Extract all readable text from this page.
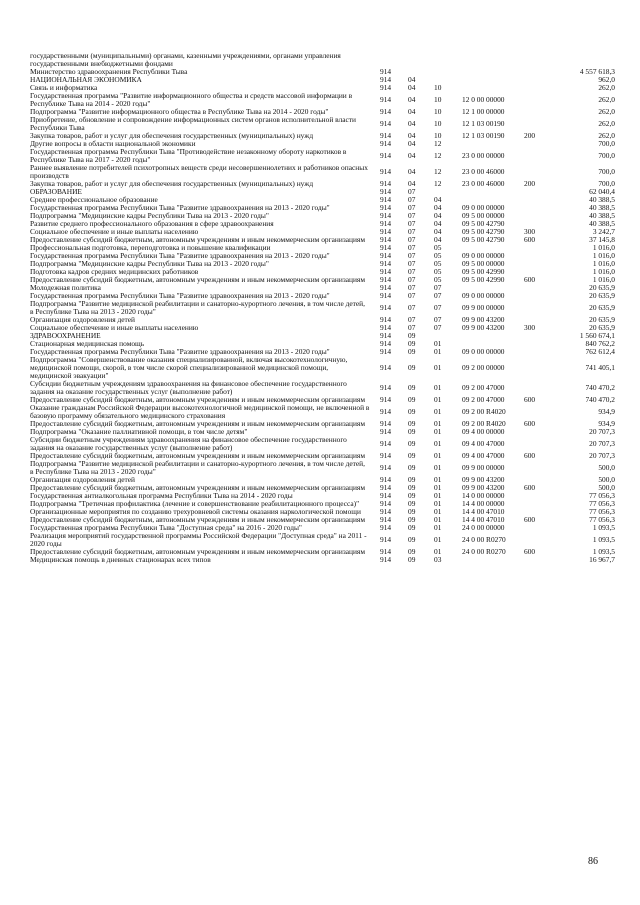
государственными (муниципальными) органами, казенными учреждениями, органами управления государственными внебюджетными фондами						
Министерство здравоохранения Республики Тыва	914					4 557 618,3
НАЦИОНАЛЬНАЯ ЭКОНОМИКА	914	04				962,0
Связь и информатика	914	04	10			262,0
Государственная программа "Развитие информационного общества и средств массовой информации в Республике Тыва на 2014 - 2020 годы"	914	04	10	12 0 00 00000		262,0
Подпрограмма "Развитие информационного общества в Республике Тыва на 2014 - 2020 годы"	914	04	10	12 1 00 00000		262,0
Приобретение, обновление и сопровождение информационных систем органов исполнительной власти Республики Тыва	914	04	10	12 1 03 00190		262,0
Закупка товаров, работ и услуг для обеспечения государственных (муниципальных) нужд	914	04	10	12 1 03 00190	200	262,0
Другие вопросы в области национальной экономики	914	04	12			700,0
Государственная программа Республики Тыва "Противодействие незаконному обороту наркотиков в Республике Тыва на 2017 - 2020 годы"	914	04	12	23 0 00 00000		700,0
Раннее выявление потребителей психотропных веществ среди несовершеннолетних и работников опасных производств	914	04	12	23 0 00 46000		700,0
Закупка товаров, работ и услуг для обеспечения государственных (муниципальных) нужд	914	04	12	23 0 00 46000	200	700,0
ОБРАЗОВАНИЕ	914	07				62 040,4
Среднее профессиональное образование	914	07	04			40 388,5
Государственная программа Республики Тыва "Развитие здравоохранения на 2013 - 2020 годы"	914	07	04	09 0 00 00000		40 388,5
Подпрограмма "Медицинские кадры Республики Тыва на 2013 - 2020 годы"	914	07	04	09 5 00 00000		40 388,5
Развитие среднего профессионального образования в сфере здравоохранения	914	07	04	09 5 00 42790		40 388,5
Социальное обеспечение и иные выплаты населению	914	07	04	09 5 00 42790	300	3 242,7
Предоставление субсидий бюджетным, автономным учреждениям и иным некоммерческим организациям	914	07	04	09 5 00 42790	600	37 145,8
Профессиональная подготовка, переподготовка и повышение квалификации	914	07	05			1 016,0
Государственная программа Республики Тыва "Развитие здравоохранения на 2013 - 2020 годы"	914	07	05	09 0 00 00000		1 016,0
Подпрограмма "Медицинские кадры Республики Тыва на 2013 - 2020 годы"	914	07	05	09 5 00 00000		1 016,0
Подготовка кадров средних медицинских работников	914	07	05	09 5 00 42990		1 016,0
Предоставление субсидий бюджетным, автономным учреждениям и иным некоммерческим организациям	914	07	05	09 5 00 42990	600	1 016,0
Молодежная политика	914	07	07			20 635,9
Государственная программа Республики Тыва "Развитие здравоохранения на 2013 - 2020 годы"	914	07	07	09 0 00 00000		20 635,9
Подпрограмма "Развитие медицинской реабилитации и санаторно-курортного лечения, в том числе детей, в Республике Тыва на 2013 - 2020 годы"	914	07	07	09 9 00 00000		20 635,9
Организация оздоровления детей	914	07	07	09 9 00 43200		20 635,9
Социальное обеспечение и иные выплаты населению	914	07	07	09 9 00 43200	300	20 635,9
ЗДРАВООХРАНЕНИЕ	914	09				1 560 674,1
Стационарная медицинская помощь	914	09	01			840 762,2
Государственная программа Республики Тыва "Развитие здравоохранения на 2013 - 2020 годы"	914	09	01	09 0 00 00000		762 612,4
Подпрограмма "Совершенствование оказания специализированной, включая высокотехнологичную, медицинской помощи, скорой, в том числе скорой специализированной медицинской помощи, медицинской эвакуации"	914	09	01	09 2 00 00000		741 405,1
Субсидии бюджетным учреждениям здравоохранения на финансовое обеспечение государственного задания на оказание государственных услуг (выполнение работ)	914	09	01	09 2 00 47000		740 470,2
Предоставление субсидий бюджетным, автономным учреждениям и иным некоммерческим организациям	914	09	01	09 2 00 47000	600	740 470,2
Оказание гражданам Российской Федерации высокотехнологичной медицинской помощи, не включенной в базовую программу обязательного медицинского страхования	914	09	01	09 2 00 R4020		934,9
Предоставление субсидий бюджетным, автономным учреждениям и иным некоммерческим организациям	914	09	01	09 2 00 R4020	600	934,9
Подпрограмма "Оказание паллиативной помощи, в том числе детям"	914	09	01	09 4 00 00000		20 707,3
Субсидии бюджетным учреждениям здравоохранения на финансовое обеспечение государственного задания на оказание государственных услуг (выполнение работ)	914	09	01	09 4 00 47000		20 707,3
Предоставление субсидий бюджетным, автономным учреждениям и иным некоммерческим организациям	914	09	01	09 4 00 47000	600	20 707,3
Подпрограмма "Развитие медицинской реабилитации и санаторно-курортного лечения, в том числе детей, в Республике Тыва на 2013 - 2020 годы"	914	09	01	09 9 00 00000		500,0
Организация оздоровления детей	914	09	01	09 9 00 43200		500,0
Предоставление субсидий бюджетным, автономным учреждениям и иным некоммерческим организациям	914	09	01	09 9 00 43200	600	500,0
Государственная антиалкогольная программа Республики Тыва на 2014 - 2020 годы	914	09	01	14 0 00 00000		77 056,3
Подпрограмма "Третичная профилактика (лечение и совершенствование реабилитационного процесса)"	914	09	01	14 4 00 00000		77 056,3
Организационные мероприятия по созданию трехуровневой системы оказания наркологической помощи	914	09	01	14 4 00 47010		77 056,3
Предоставление субсидий бюджетным, автономным учреждениям и иным некоммерческим организациям	914	09	01	14 4 00 47010	600	77 056,3
Государственная программа Республики Тыва "Доступная среда" на 2016 - 2020 годы"	914	09	01	24 0 00 00000		1 093,5
Реализация мероприятий государственной программы Российской Федерации "Доступная среда" на 2011 - 2020 годы	914	09	01	24 0 00 R0270		1 093,5
Предоставление субсидий бюджетным, автономным учреждениям и иным некоммерческим организациям	914	09	01	24 0 00 R0270	600	1 093,5
Медицинская помощь в дневных стационарах всех типов	914	09	03			16 967,7
86
